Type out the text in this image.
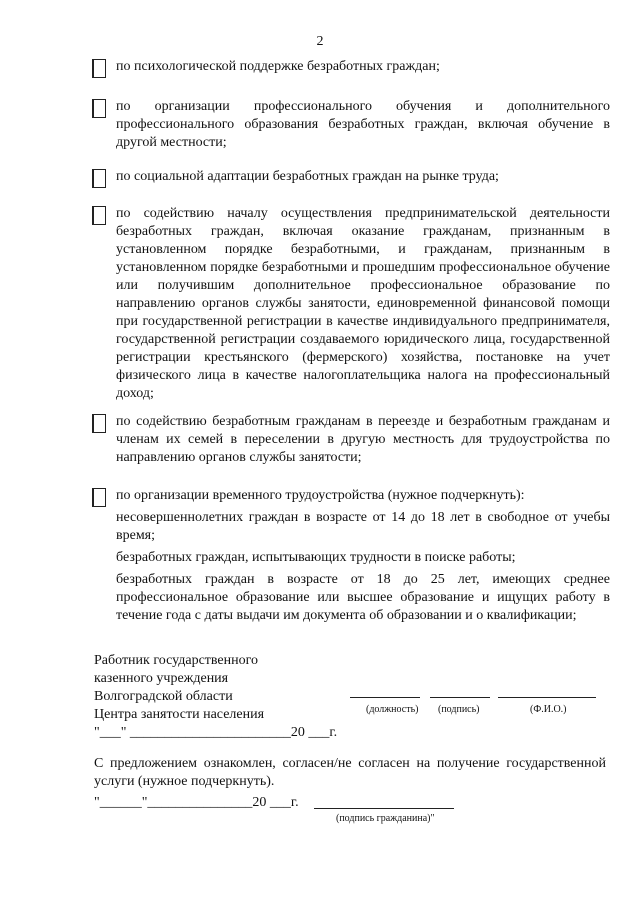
2
по психологической поддержке безработных граждан;
по организации профессионального обучения и дополнительного профессионального образования безработных граждан, включая обучение в другой местности;
по социальной адаптации безработных граждан на рынке труда;
по содействию началу осуществления предпринимательской деятельности безработных граждан, включая оказание гражданам, признанным в установленном порядке безработными, и гражданам, признанным в установленном порядке безработными и прошедшим профессиональное обучение или получившим дополнительное профессиональное образование по направлению органов службы занятости, единовременной финансовой помощи при государственной регистрации в качестве индивидуального предпринимателя, государственной регистрации создаваемого юридического лица, государственной регистрации крестьянского (фермерского) хозяйства, постановке на учет физического лица в качестве налогоплательщика налога на профессиональный доход;
по содействию безработным гражданам в переезде и безработным гражданам и членам их семей в переселении в другую местность для трудоустройства по направлению органов службы занятости;
по организации временного трудоустройства (нужное подчеркнуть):
несовершеннолетних граждан в возрасте от 14 до 18 лет в свободное от учебы время;
безработных граждан, испытывающих трудности в поиске работы;
безработных граждан в возрасте от 18 до 25 лет, имеющих среднее профессиональное образование или высшее образование и ищущих работу в течение года с даты выдачи им документа об образовании и о квалификации;
Работник государственного
казенного учреждения
Волгоградской области
Центра занятости населения
"___" _______________________20 ___г.
(должность) (подпись)	(Ф.И.О.)
С предложением ознакомлен, согласен/не согласен на получение государственной услуги (нужное подчеркнуть).
"______"_______________20 ___г.
(подпись гражданина)"
